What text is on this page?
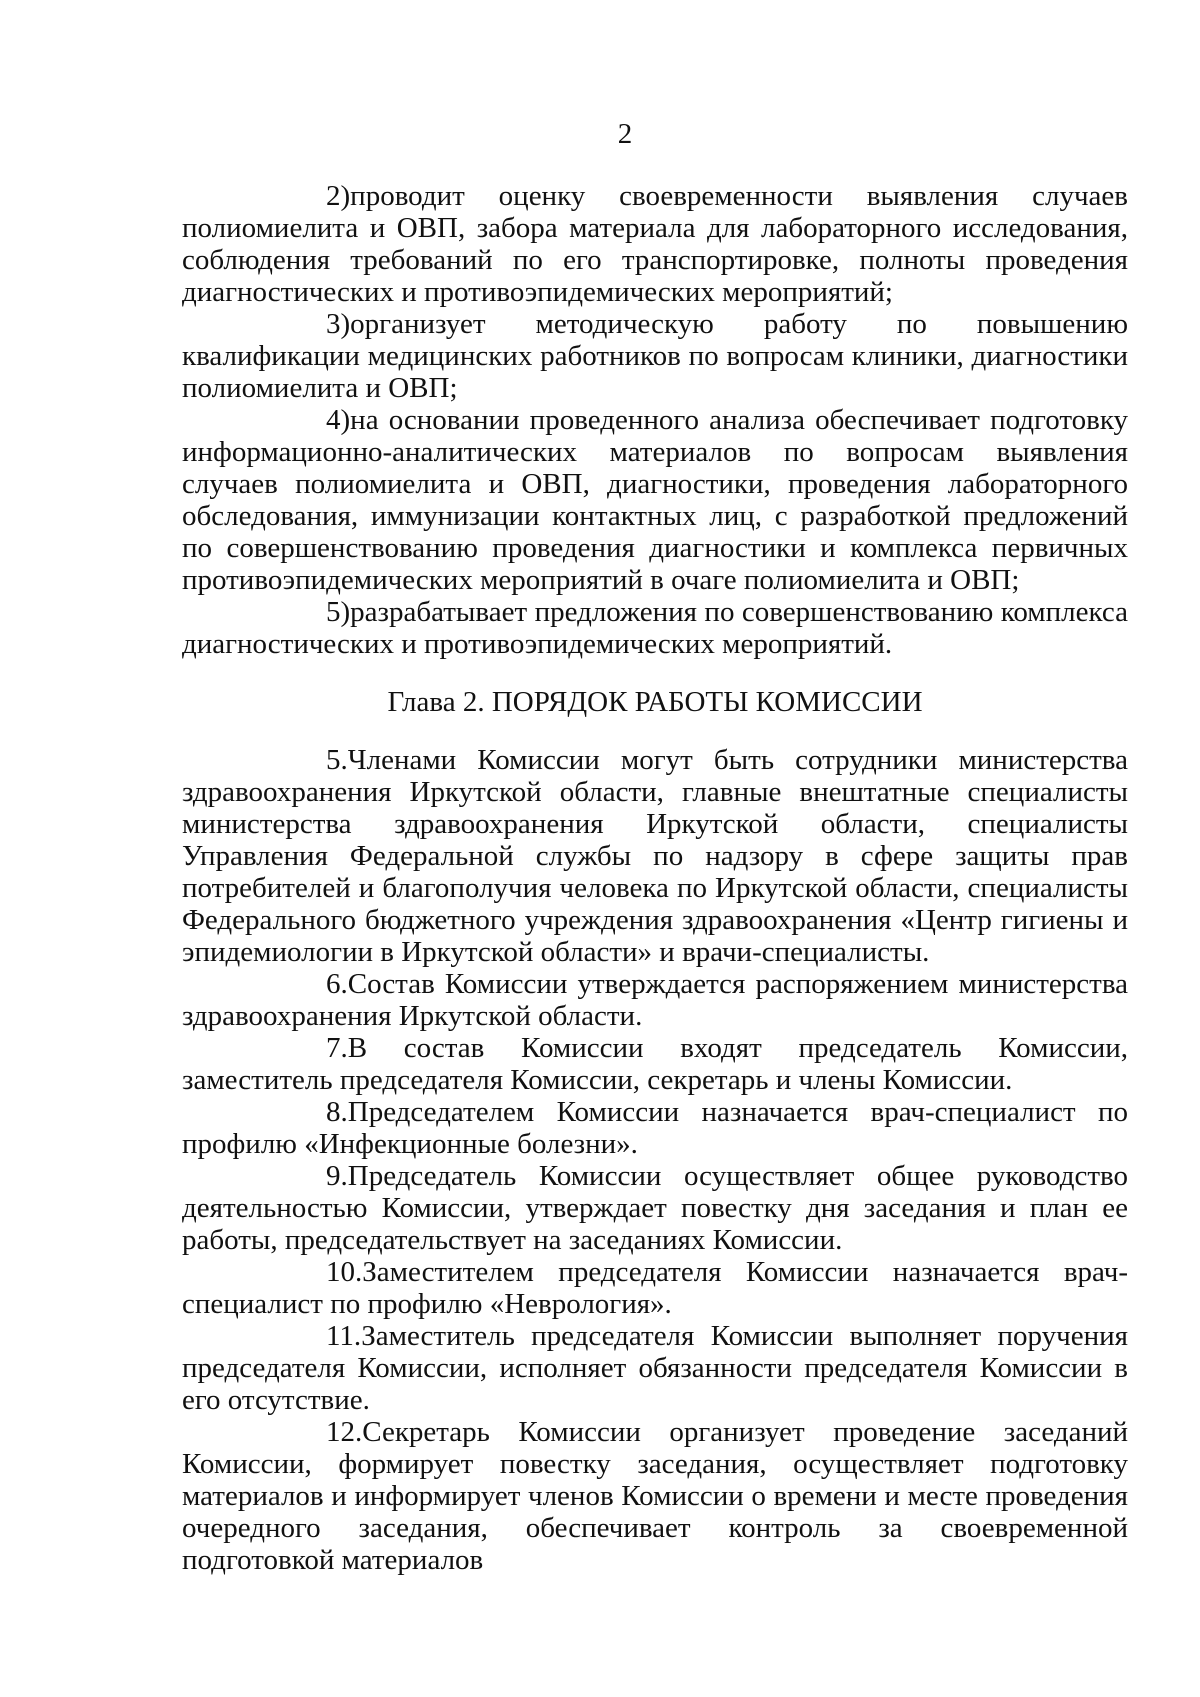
2

2)проводит оценку своевременности выявления случаев полиомиелита и ОВП, забора материала для лабораторного исследования, соблюдения требований по его транспортировке, полноты проведения диагностических и противоэпидемических мероприятий;

3)организует методическую работу по повышению квалификации медицинских работников по вопросам клиники, диагностики полиомиелита и ОВП;

4)на основании проведенного анализа обеспечивает подготовку информационно-аналитических материалов по вопросам выявления случаев полиомиелита и ОВП, диагностики, проведения лабораторного обследования, иммунизации контактных лиц, с разработкой предложений по совершенствованию проведения диагностики и комплекса первичных противоэпидемических мероприятий в очаге полиомиелита и ОВП;

5)разрабатывает предложения по совершенствованию комплекса диагностических и противоэпидемических мероприятий.

Глава 2. ПОРЯДОК РАБОТЫ КОМИССИИ

5.Членами Комиссии могут быть сотрудники министерства здравоохранения Иркутской области, главные внештатные специалисты министерства здравоохранения Иркутской области, специалисты Управления Федеральной службы по надзору в сфере защиты прав потребителей и благополучия человека по Иркутской области, специалисты Федерального бюджетного учреждения здравоохранения «Центр гигиены и эпидемиологии в Иркутской области» и врачи-специалисты.

6.Состав Комиссии утверждается распоряжением министерства здравоохранения Иркутской области.

7.В состав Комиссии входят председатель Комиссии, заместитель председателя Комиссии, секретарь и члены Комиссии.

8.Председателем Комиссии назначается врач-специалист по профилю «Инфекционные болезни».

9.Председатель Комиссии осуществляет общее руководство деятельностью Комиссии, утверждает повестку дня заседания и план ее работы, председательствует на заседаниях Комиссии.

10.Заместителем председателя Комиссии назначается врач-специалист по профилю «Неврология».

11.Заместитель председателя Комиссии выполняет поручения председателя Комиссии, исполняет обязанности председателя Комиссии в его отсутствие.

12.Секретарь Комиссии организует проведение заседаний Комиссии, формирует повестку заседания, осуществляет подготовку материалов и информирует членов Комиссии о времени и месте проведения очередного заседания, обеспечивает контроль за своевременной подготовкой материалов
